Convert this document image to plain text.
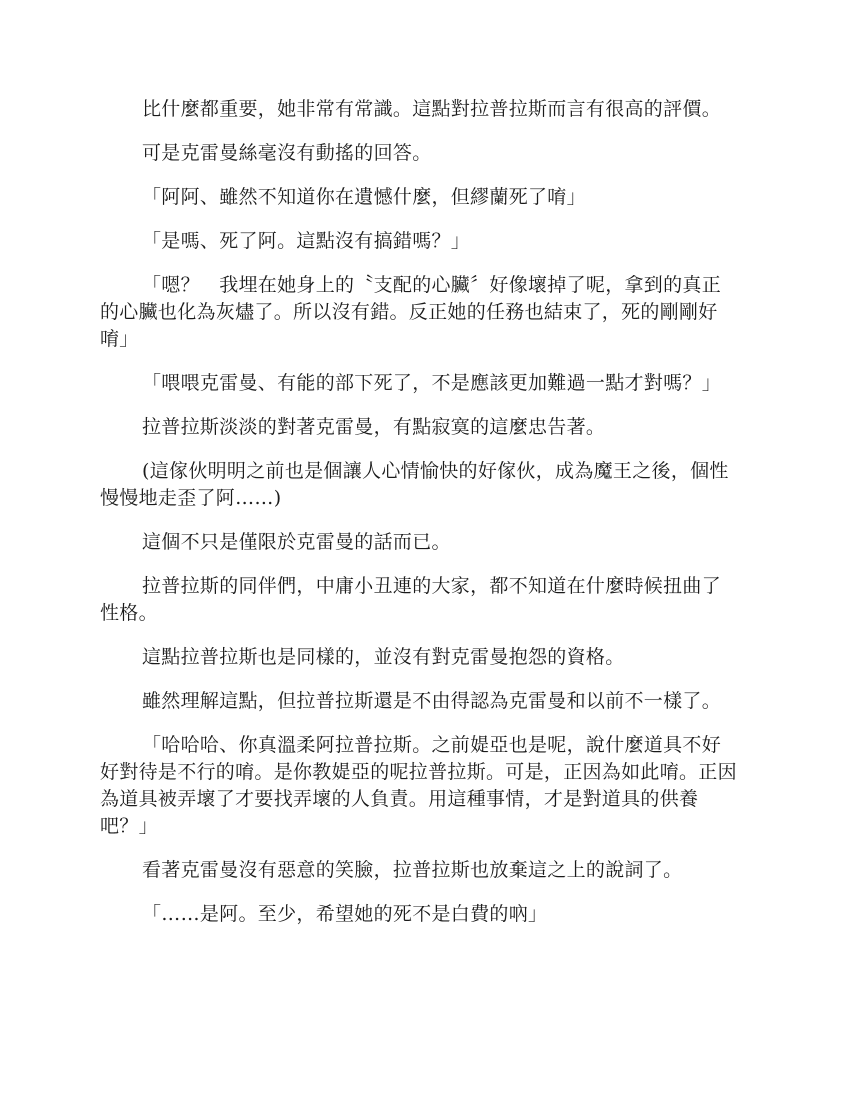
比什麼都重要，她非常有常識。這點對拉普拉斯而言有很高的評價。

可是克雷曼絲毫沒有動搖的回答。

「阿阿、雖然不知道你在遺憾什麼，但繆蘭死了唷」

「是嗎、死了阿。這點沒有搞錯嗎？」

「嗯？　我埋在她身上的〝支配的心臟〞好像壞掉了呢，拿到的真正的心臟也化為灰燼了。所以沒有錯。反正她的任務也結束了，死的剛剛好唷」

「喂喂克雷曼、有能的部下死了，不是應該更加難過一點才對嗎？」

拉普拉斯淡淡的對著克雷曼，有點寂寞的這麼忠告著。

(這傢伙明明之前也是個讓人心情愉快的好傢伙，成為魔王之後，個性慢慢地走歪了阿……)

這個不只是僅限於克雷曼的話而已。

拉普拉斯的同伴們，中庸小丑連的大家，都不知道在什麼時候扭曲了性格。

這點拉普拉斯也是同樣的，並沒有對克雷曼抱怨的資格。

雖然理解這點，但拉普拉斯還是不由得認為克雷曼和以前不一樣了。

「哈哈哈、你真溫柔阿拉普拉斯。之前媞亞也是呢，說什麼道具不好好對待是不行的唷。是你教媞亞的呢拉普拉斯。可是，正因為如此唷。正因為道具被弄壞了才要找弄壞的人負責。用這種事情，才是對道具的供養吧？」

看著克雷曼沒有惡意的笑臉，拉普拉斯也放棄這之上的說詞了。

「……是阿。至少，希望她的死不是白費的吶」
